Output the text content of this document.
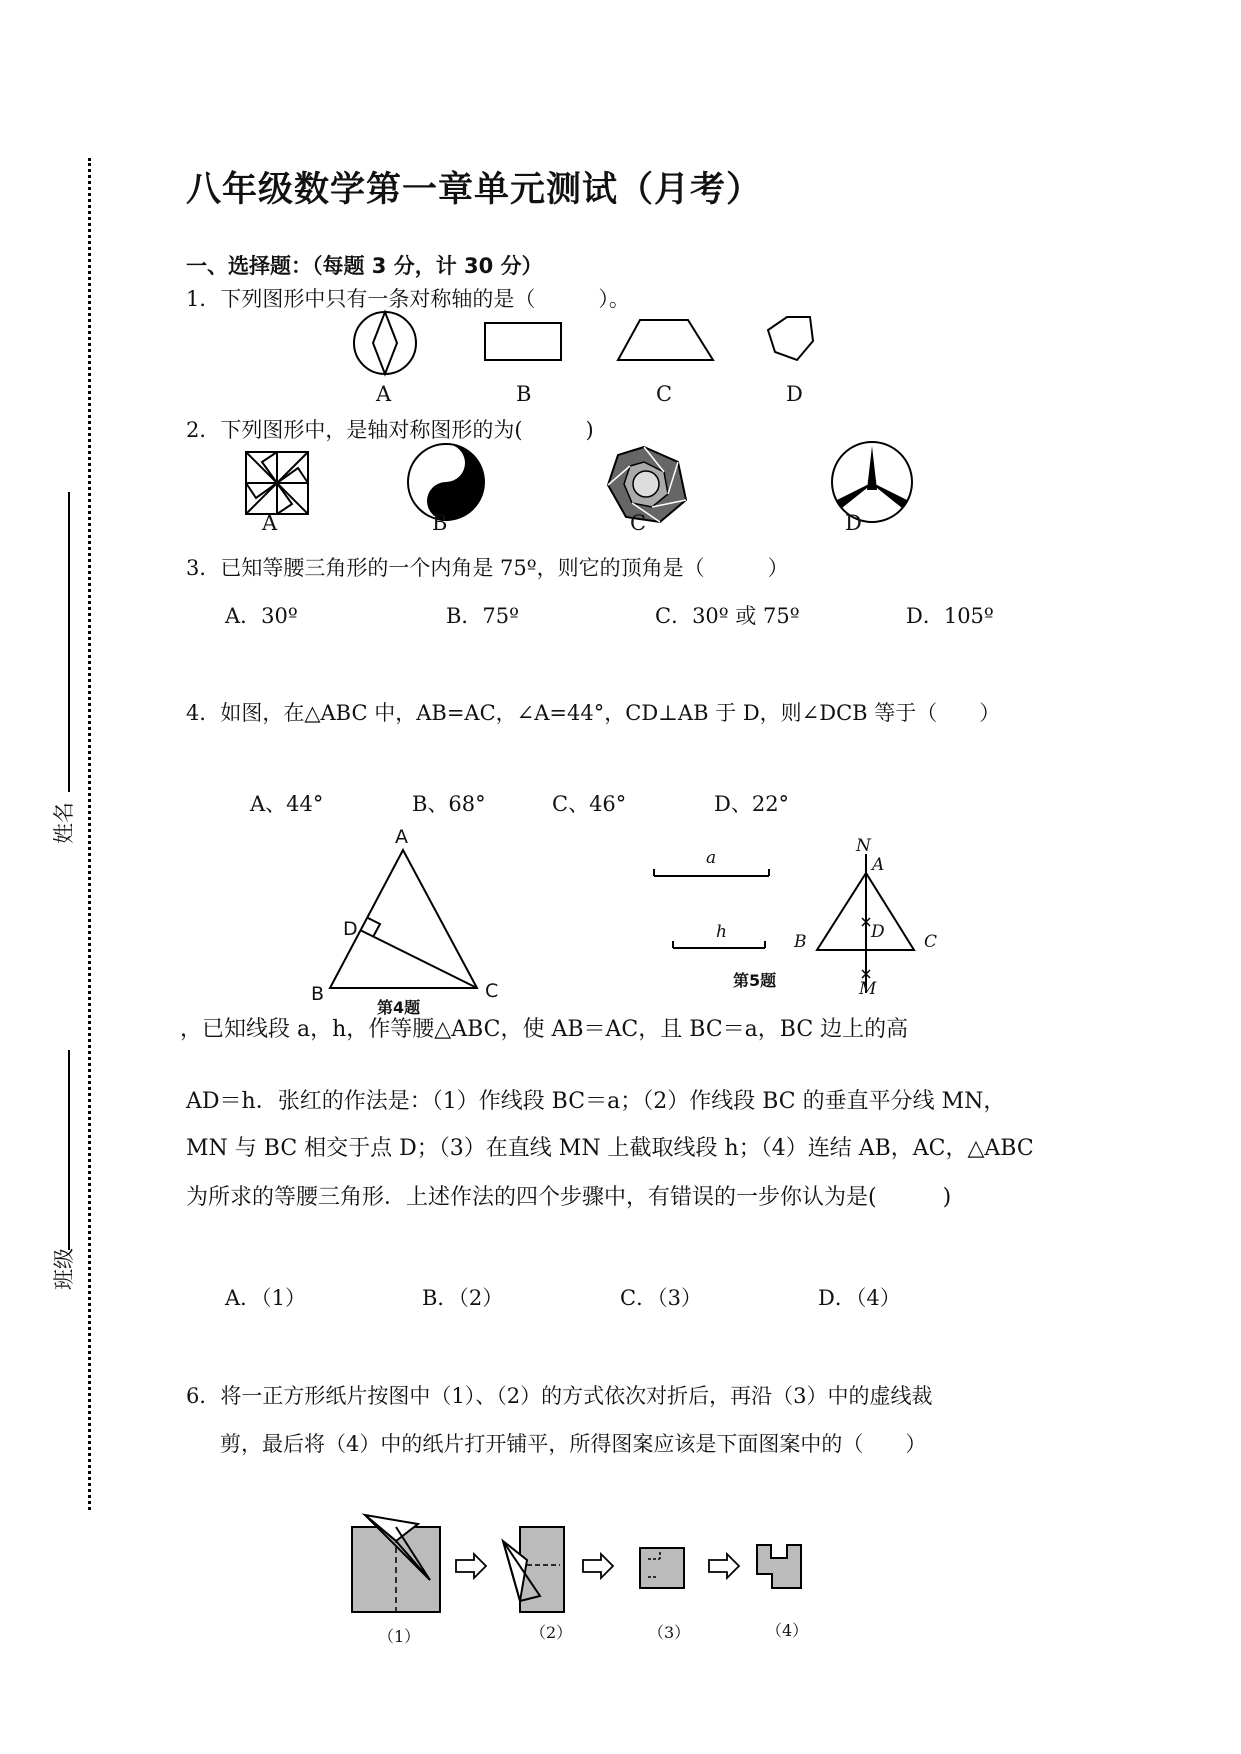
姓名
班级
八年级数学第一章单元测试（月考）
一、选择题：（每题 3 分，计 30 分）
1．下列图形中只有一条对称轴的是（　　　）。
A	B	C	D
2．下列图形中，是轴对称图形的为(　　　)
A	B	C	D
3．已知等腰三角形的一个内角是 75º，则它的顶角是（　　　）
A．30º	B．75º	C．30º 或 75º	D．105º
4．如图，在△ABC 中，AB=AC，∠A=44°，CD⊥AB 于 D，则∠DCB 等于（　　）
A、44°	B、68°	C、46°	D、22°
A
D
B	C
第4题
a
h
N
A
B	D C
M
第5题
，已知线段 a，h，作等腰△ABC，使 AB＝AC，且 BC＝a，BC 边上的高
AD＝h．张红的作法是：（1）作线段 BC＝a；（2）作线段 BC 的垂直平分线 MN，
MN 与 BC 相交于点 D；（3）在直线 MN 上截取线段 h；（4）连结 AB，AC，△ABC
为所求的等腰三角形．上述作法的四个步骤中，有错误的一步你认为是(　　　)
A．（1）	B．（2）	C．（3）	D．（4）
6．将一正方形纸片按图中（1）、（2）的方式依次对折后，再沿（3）中的虚线裁
剪，最后将（4）中的纸片打开铺平，所得图案应该是下面图案中的（　　）
（1）	（2）	（3）	（4）
